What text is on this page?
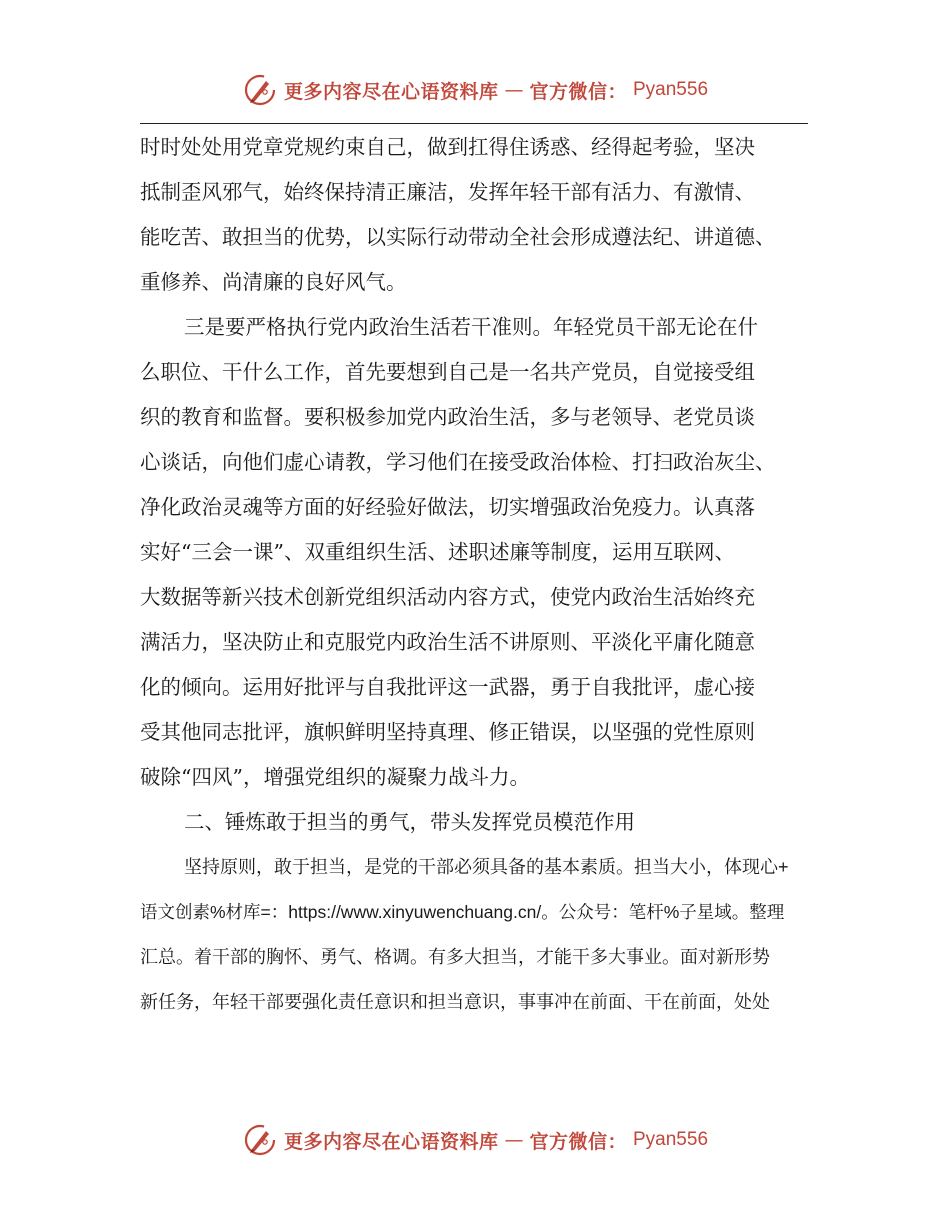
更多内容尽在心语资料库 — 官方微信： Pyan556
时时处处用党章党规约束自己，做到扛得住诱惑、经得起考验，坚决
抵制歪风邪气，始终保持清正廉洁，发挥年轻干部有活力、有激情、
能吃苦、敢担当的优势，以实际行动带动全社会形成遵法纪、讲道德、
重修养、尚清廉的良好风气。
三是要严格执行党内政治生活若干准则。年轻党员干部无论在什
么职位、干什么工作，首先要想到自己是一名共产党员，自觉接受组
织的教育和监督。要积极参加党内政治生活，多与老领导、老党员谈
心谈话，向他们虚心请教，学习他们在接受政治体检、打扫政治灰尘、
净化政治灵魂等方面的好经验好做法，切实增强政治免疫力。认真落
实好“三会一课”、双重组织生活、述职述廉等制度，运用互联网、
大数据等新兴技术创新党组织活动内容方式，使党内政治生活始终充
满活力，坚决防止和克服党内政治生活不讲原则、平淡化平庸化随意
化的倾向。运用好批评与自我批评这一武器，勇于自我批评，虚心接
受其他同志批评，旗帜鲜明坚持真理、修正错误，以坚强的党性原则
破除“四风”，增强党组织的凝聚力战斗力。
二、锤炼敢于担当的勇气，带头发挥党员模范作用
坚持原则，敢于担当，是党的干部必须具备的基本素质。担当大小，体现心+
语文创素%材库=：https://www.xinyuwenchuang.cn/。公众号：笔杆%子星域。整理
汇总。着干部的胸怀、勇气、格调。有多大担当，才能干多大事业。面对新形势
新任务，年轻干部要强化责任意识和担当意识，事事冲在前面、干在前面，处处
更多内容尽在心语资料库 — 官方微信： Pyan556
